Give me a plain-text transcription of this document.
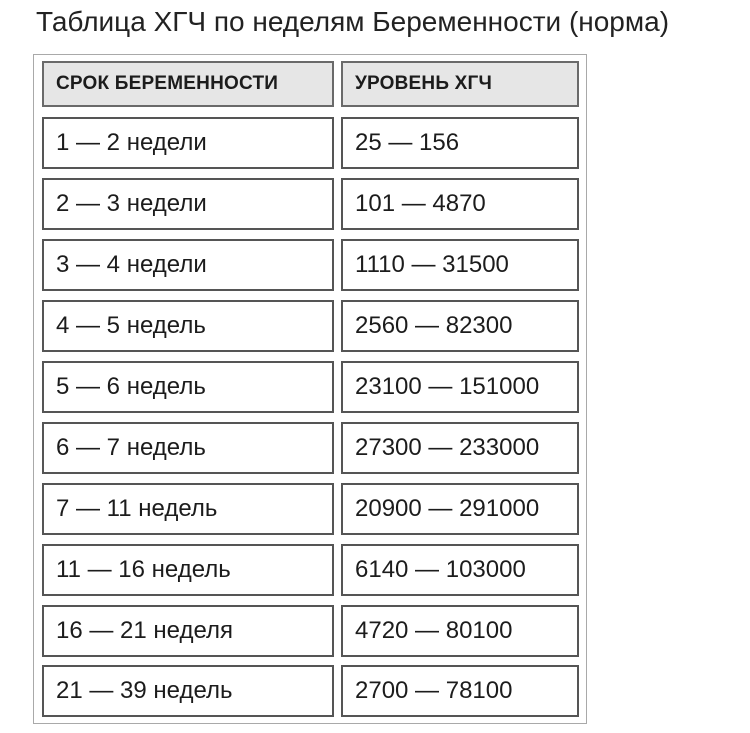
Таблица ХГЧ по неделям Беременности (норма)
СРОК БЕРЕМЕННОСТИ	УРОВЕНЬ ХГЧ
1 — 2 недели	25 — 156
2 — 3 недели	101 — 4870
3 — 4 недели	1110 — 31500
4 — 5 недель	2560 — 82300
5 — 6 недель	23100 — 151000
6 — 7 недель	27300 — 233000
7 — 11 недель	20900 — 291000
11 — 16 недель	6140 — 103000
16 — 21 неделя	4720 — 80100
21 — 39 недель	2700 — 78100
